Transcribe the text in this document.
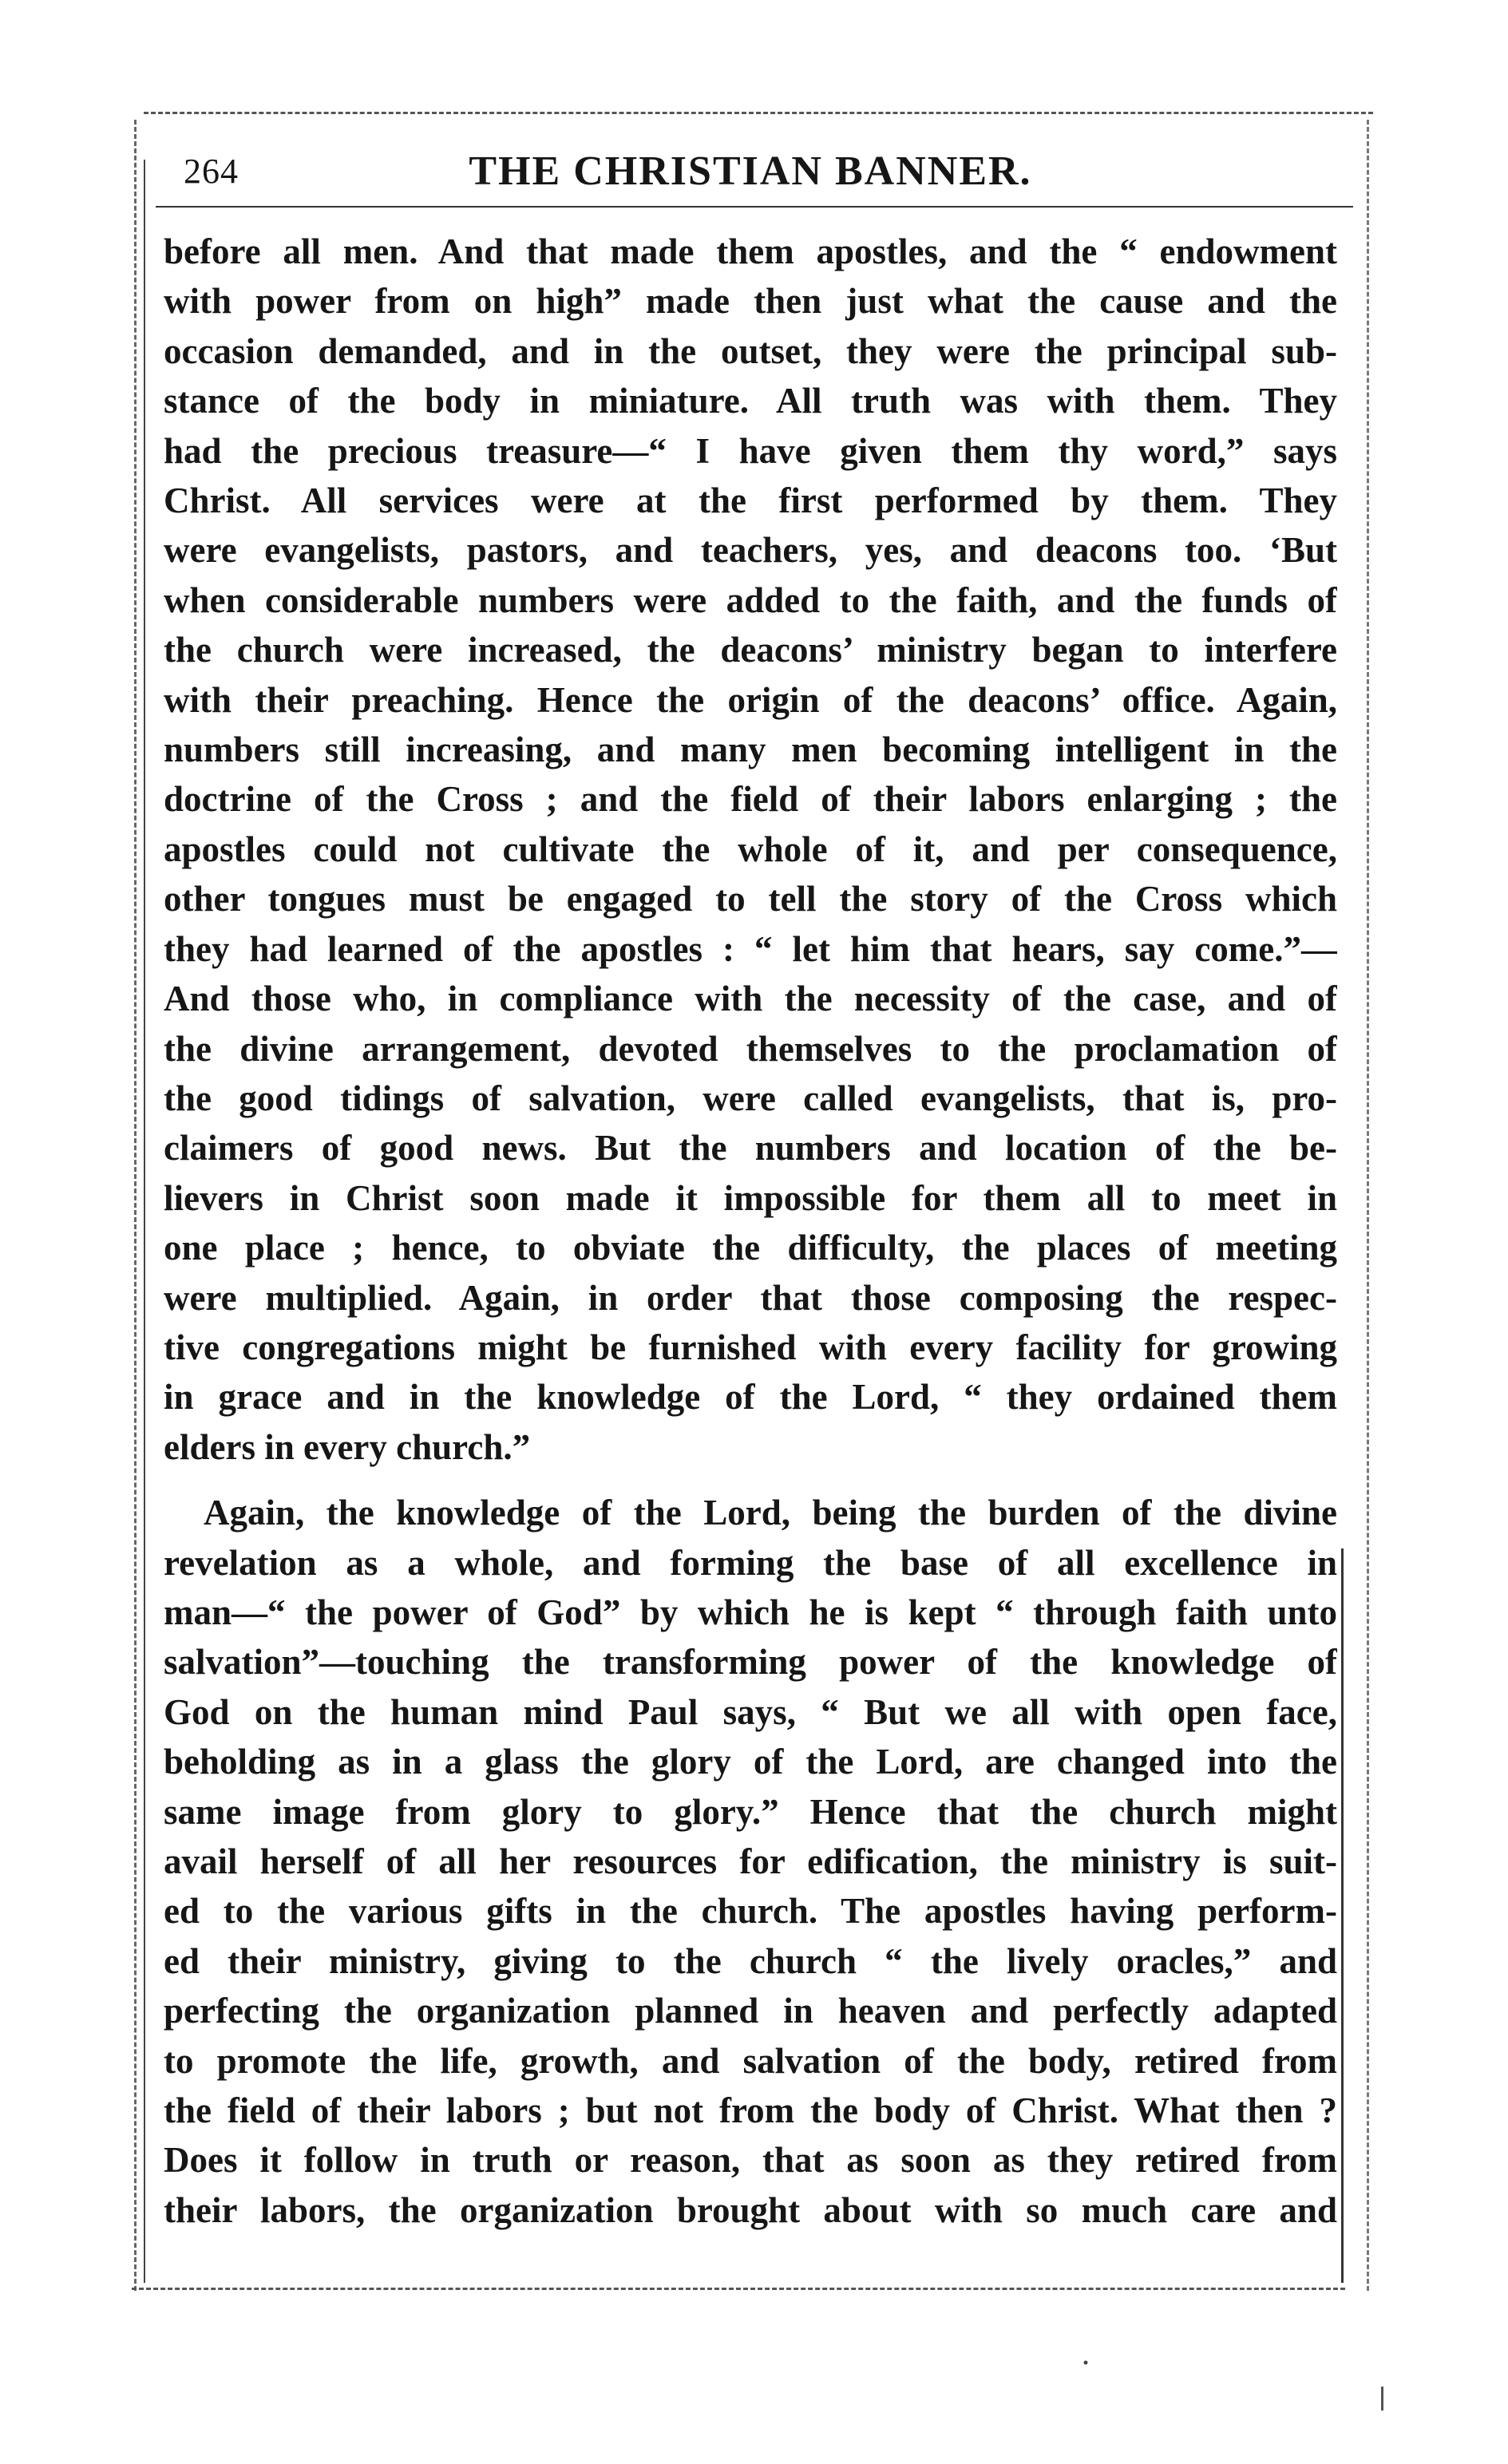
264	THE CHRISTIAN BANNER.
before all men. And that made them apostles, and the “ endowment
with power from on high” made then just what the cause and the
occasion demanded, and in the outset, they were the principal sub-
stance of the body in miniature. All truth was with them. They
had the precious treasure—“ I have given them thy word,” says
Christ. All services were at the first performed by them. They
were evangelists, pastors, and teachers, yes, and deacons too. ‘But
when considerable numbers were added to the faith, and the funds of
the church were increased, the deacons’ ministry began to interfere
with their preaching. Hence the origin of the deacons’ office. Again,
numbers still increasing, and many men becoming intelligent in the
doctrine of the Cross ; and the field of their labors enlarging ; the
apostles could not cultivate the whole of it, and per consequence,
other tongues must be engaged to tell the story of the Cross which
they had learned of the apostles : “ let him that hears, say come.”—
And those who, in compliance with the necessity of the case, and of
the divine arrangement, devoted themselves to the proclamation of
the good tidings of salvation, were called evangelists, that is, pro-
claimers of good news. But the numbers and location of the be-
lievers in Christ soon made it impossible for them all to meet in
one place ; hence, to obviate the difficulty, the places of meeting
were multiplied. Again, in order that those composing the respec-
tive congregations might be furnished with every facility for growing
in grace and in the knowledge of the Lord, “ they ordained them
elders in every church.”
Again, the knowledge of the Lord, being the burden of the divine
revelation as a whole, and forming the base of all excellence in
man—“ the power of God” by which he is kept “ through faith unto
salvation”—touching the transforming power of the knowledge of
God on the human mind Paul says, “ But we all with open face,
beholding as in a glass the glory of the Lord, are changed into the
same image from glory to glory.” Hence that the church might
avail herself of all her resources for edification, the ministry is suit-
ed to the various gifts in the church. The apostles having perform-
ed their ministry, giving to the church “ the lively oracles,” and
perfecting the organization planned in heaven and perfectly adapted
to promote the life, growth, and salvation of the body, retired from
the field of their labors ; but not from the body of Christ. What then ?
Does it follow in truth or reason, that as soon as they retired from
their labors, the organization brought about with so much care and
